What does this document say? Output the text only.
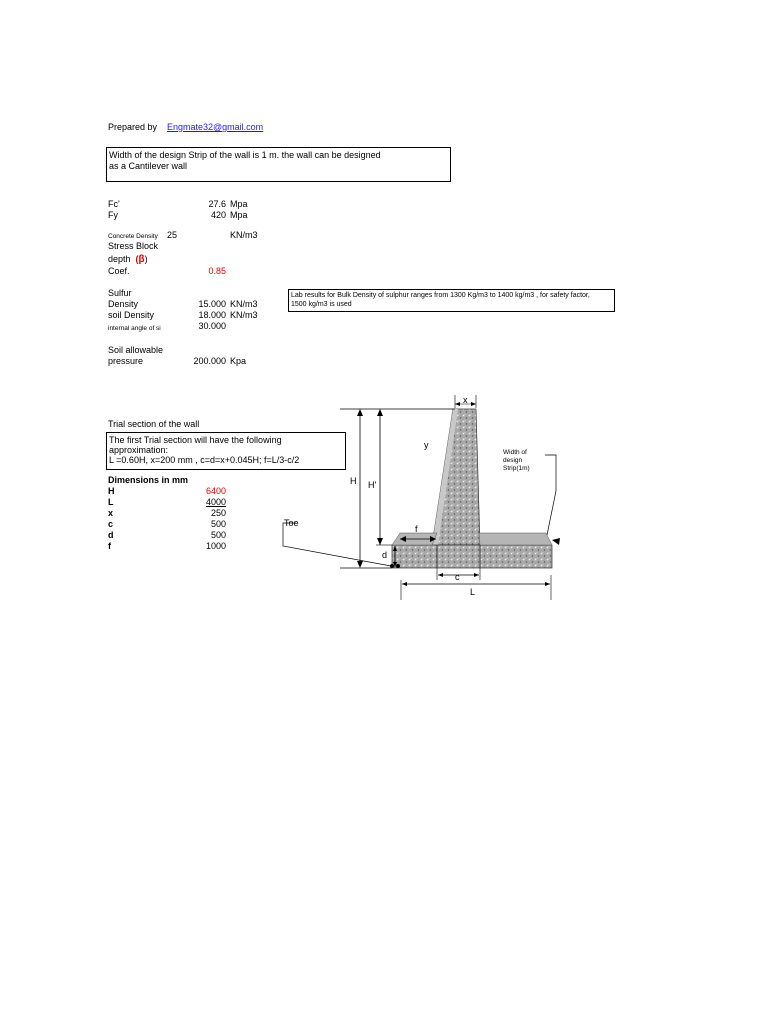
Prepared by Engmate32@gmail.com
Width of the design Strip of the wall is 1 m. the wall can be designed
as a Cantilever wall
Fc'	27.6 Mpa
Fy	420 Mpa
Concrete Density 25	KN/m3
Stress Block
depth (β)
Coef.	0.85
Sulfur
Density	15.000 KN/m3
soil Density	18.000 KN/m3
internal angle of si	30.000
Soil allowable
pressure	200.000 Kpa
Lab results for Bulk Density of sulphur ranges from 1300 Kg/m3 to 1400 kg/m3 , for safety factor,
1500 kg/m3 is used
Trial section of the wall
The first Trial section will have the following
approximation:
L =0.60H, x=200 mm , c=d=x+0.045H; f=L/3-c/2
Dimensions in mm
H	6400
L	4000
x	250
c	500
d	500
f	1000
Toe
H H'
x
y
f
d
c
L
Width of
design
Strip(1m)
